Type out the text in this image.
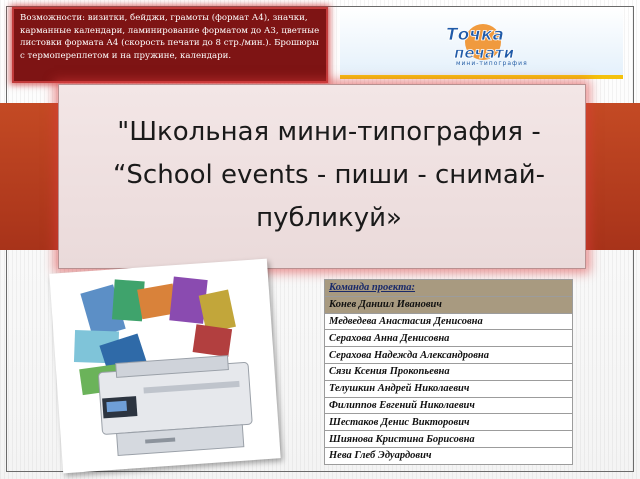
Возможности: визитки, бейджи, грамоты (формат А4), значки, карманные календари, ламинирование форматом до А3, цветные листовки формата А4 (скорость печати до 8 стр./мин.). Брошюры с термопереплетом и на пружине, календари.
Точка
печати
мини-типография
"Школьная мини-типография - “School events - пиши - снимай- публикуй»
Команда проекта:
Конев Даниил Иванович
Медведева Анастасия Денисовна
Серахова Анна Денисовна
Серахова Надежда Александровна
Сязи Ксения Прокопьевна
Телушкин Андрей Николаевич
Филиппов Евгений Николаевич
Шестаков Денис Викторович
Шиянова Кристина Борисовна
Нева Глеб Эдуардович
